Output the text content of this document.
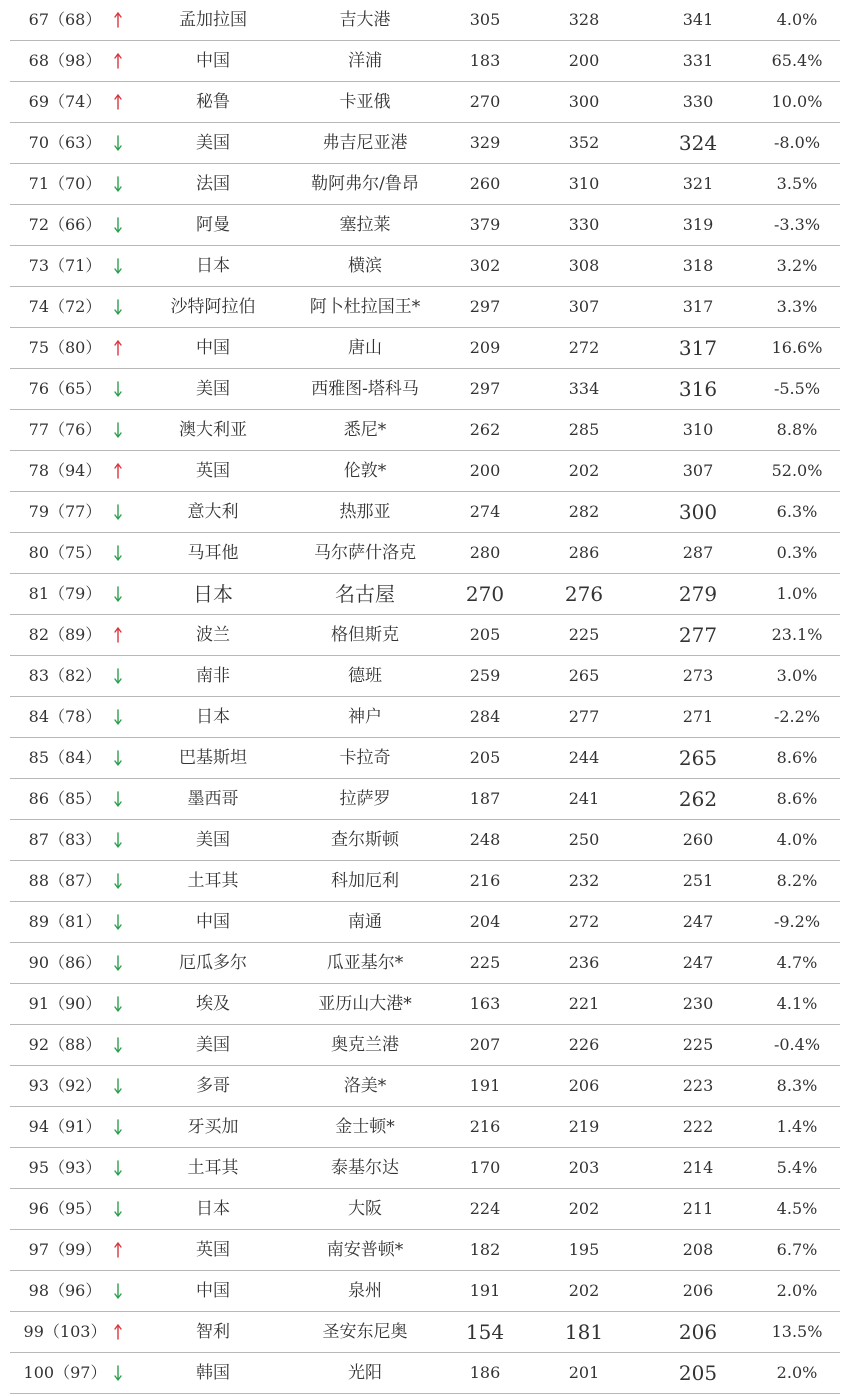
67（68）	孟加拉国	吉大港	305	328	341	4.0%
68（98）	中国	洋浦	183	200	331	65.4%
69（74）	秘鲁	卡亚俄	270	300	330	10.0%
70（63）	美国	弗吉尼亚港	329	352	324	-8.0%
71（70）	法国	勒阿弗尔/鲁昂	260	310	321	3.5%
72（66）	阿曼	塞拉莱	379	330	319	-3.3%
73（71）	日本	横滨	302	308	318	3.2%
74（72）	沙特阿拉伯	阿卜杜拉国王*	297	307	317	3.3%
75（80）	中国	唐山	209	272	317	16.6%
76（65）	美国	西雅图-塔科马	297	334	316	-5.5%
77（76）	澳大利亚	悉尼*	262	285	310	8.8%
78（94）	英国	伦敦*	200	202	307	52.0%
79（77）	意大利	热那亚	274	282	300	6.3%
80（75）	马耳他	马尔萨什洛克	280	286	287	0.3%
81（79）	日本	名古屋	270	276	279	1.0%
82（89）	波兰	格但斯克	205	225	277	23.1%
83（82）	南非	德班	259	265	273	3.0%
84（78）	日本	神户	284	277	271	-2.2%
85（84）	巴基斯坦	卡拉奇	205	244	265	8.6%
86（85）	墨西哥	拉萨罗	187	241	262	8.6%
87（83）	美国	查尔斯顿	248	250	260	4.0%
88（87）	土耳其	科加厄利	216	232	251	8.2%
89（81）	中国	南通	204	272	247	-9.2%
90（86）	厄瓜多尔	瓜亚基尔*	225	236	247	4.7%
91（90）	埃及	亚历山大港*	163	221	230	4.1%
92（88）	美国	奥克兰港	207	226	225	-0.4%
93（92）	多哥	洛美*	191	206	223	8.3%
94（91）	牙买加	金士顿*	216	219	222	1.4%
95（93）	土耳其	泰基尔达	170	203	214	5.4%
96（95）	日本	大阪	224	202	211	4.5%
97（99）	英国	南安普顿*	182	195	208	6.7%
98（96）	中国	泉州	191	202	206	2.0%
99（103）	智利	圣安东尼奥	154	181	206	13.5%
100（97）	韩国	光阳	186	201	205	2.0%
